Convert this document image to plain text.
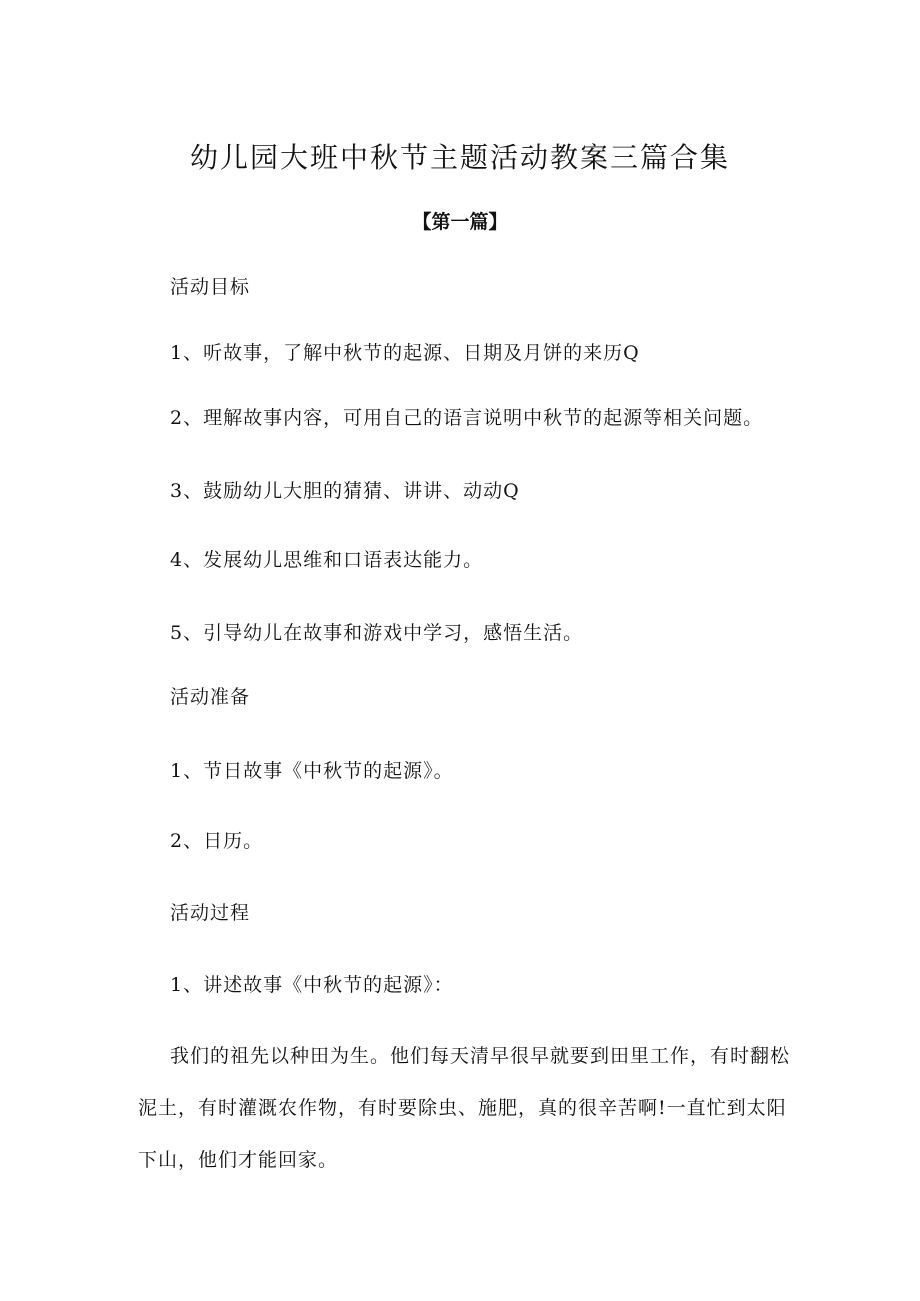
幼儿园大班中秋节主题活动教案三篇合集
【第一篇】
活动目标
1、听故事，了解中秋节的起源、日期及月饼的来历Q
2、理解故事内容，可用自己的语言说明中秋节的起源等相关问题。
3、鼓励幼儿大胆的猜猜、讲讲、动动Q
4、发展幼儿思维和口语表达能力。
5、引导幼儿在故事和游戏中学习，感悟生活。
活动准备
1、节日故事《中秋节的起源》。
2、日历。
活动过程
1、讲述故事《中秋节的起源》：
我们的祖先以种田为生。他们每天清早很早就要到田里工作，有时翻松
泥土，有时灌溉农作物，有时要除虫、施肥，真的很辛苦啊!一直忙到太阳
下山，他们才能回家。
